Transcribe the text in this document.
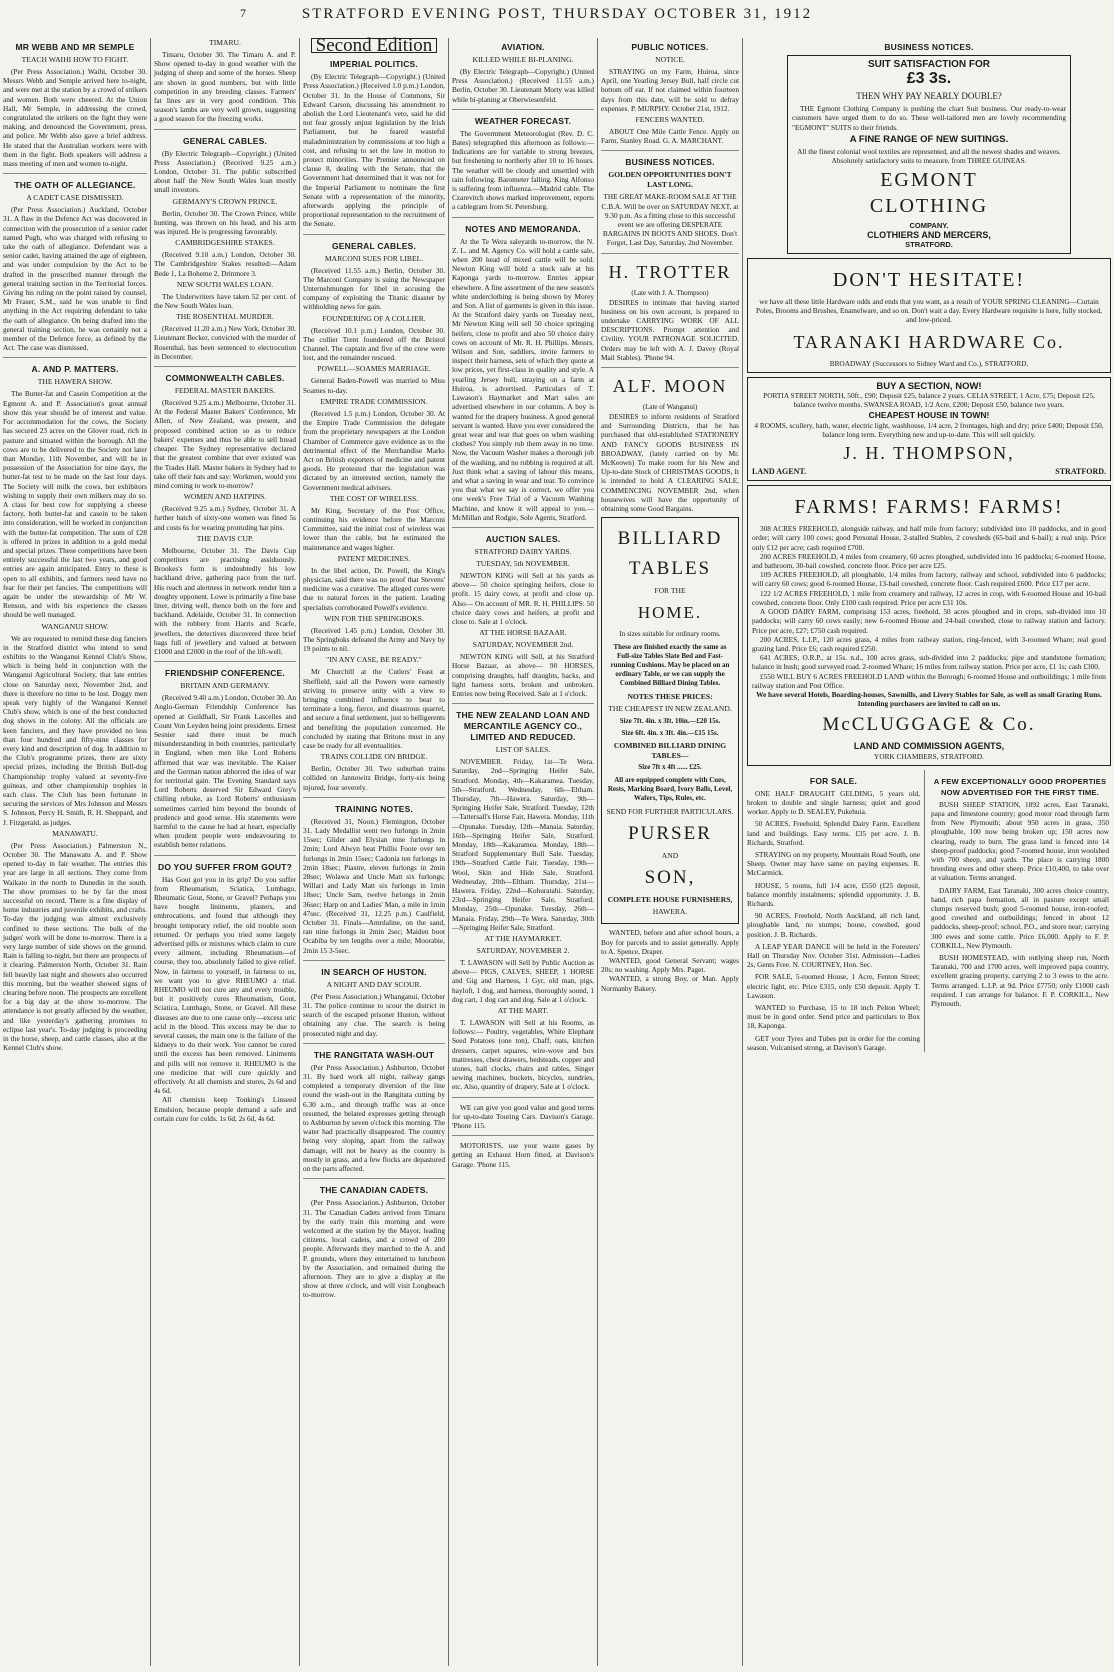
7	STRATFORD EVENING POST, THURSDAY OCTOBER 31, 1912
MR WEBB AND MR SEMPLE
TEACH WAIHI HOW TO FIGHT.
(Per Press Association.) Waihi, October 30. Messrs Webb and Semple arrived here to-night, and were met at the station by a crowd of strikers and women. Both were cheered. At the Union Hall, Mr Semple, in addressing the crowd, congratulated the strikers on the fight they were making, and denounced the Government, press, and police. Mr Webb also gave a brief address. He stated that the Australian workers were with them in the fight. Both speakers will address a mass meeting of men and women to-night.
THE OATH OF ALLEGIANCE.
A CADET CASE DISMISSED.
(Per Press Association.) Auckland, October 31. A flaw in the Defence Act was discovered in connection with the prosecution of a senior cadet named Pugh, who was charged with refusing to take the oath of allegiance. Defendant was a senior cadet, having attained the age of eighteen, and was under compulsion by the Act to be drafted in the prescribed manner through the general training section in the Territorial forces. Giving his ruling on the point raised by counsel, Mr Fraser, S.M., said he was unable to find anything in the Act requiring defendant to take the oath of allegiance. On being drafted into the general training section, he was certainly not a member of the Defence force, as defined by the Act. The case was dismissed.
A. AND P. MATTERS.
THE HAWERA SHOW.
The Butter-fat and Casein Competition at the Egmont A. and P. Association's great annual show this year should be of interest and value. For accommodation for the cows, the Society has secured 23 acres on the Glover road, rich in pasture and situated within the borough. All the cows are to be delivered to the Society not later than Monday, 11th November, and will be in possession of the Association for nine days, the butter-fat test to be made on the last four days. The Society will milk the cows, but exhibitors wishing to supply their own milkers may do so. A class for best cow for supplying a cheese factory, both butter-fat and casein to be taken into consideration, will be worked in conjunction with the butter-fat competition. The sum of £28 is offered in prizes in addition to a gold medal and special prizes. These competitions have been entirely successful the last two years, and good entries are again anticipated. Entry to these is open to all exhibits, and farmers need have no fear for their pet fancies. The competitions will again be under the stewardship of Mr W. Renson, and with his experience the classes should be well managed.
WANGANUI SHOW.
We are requested to remind these dog fanciers in the Stratford district who intend to send exhibits to the Wanganui Kennel Club's Show, which is being held in conjunction with the Wanganui Agricultural Society, that late entries close on Saturday next, November 2nd, and there is therefore no time to be lost. Doggy men speak very highly of the Wanganui Kennel Club's show, which is one of the best conducted dog shows in the colony. All the officials are keen fanciers, and they have provided no less than four hundred and fifty-nine classes for every kind and description of dog. In addition to the Club's programme prizes, there are sixty special prizes, including the British Bull-dog Championship trophy valued at seventy-five guineas, and other championship trophies in each class. The Club has been fortunate in securing the services of Mrs Johnson and Messrs S. Johnson, Percy H. Smith, R. H. Sheppard, and J. Fitzgerald, as judges.
MANAWATU.
(Per Press Association.) Palmerston N., October 30. The Manawatu A. and P. Show opened to-day in fair weather. The entries this year are large in all sections. They come from Waikato in the north to Dunedin in the south. The show promises to be by far the most successful on record. There is a fine display of home industries and juvenile exhibits, and crafts. To-day the judging was almost exclusively confined to these sections. The bulk of the judges' work will be done to-morrow. There is a very large number of side shows on the ground. Rain is falling to-night, but there are prospects of it clearing. Palmerston North, October 31. Rain fell heavily last night and showers also occurred this morning, but the weather showed signs of clearing before noon. The prospects are excellent for a big day at the show to-morrow. The attendance is not greatly affected by the weather, and like yesterday's gathering promises to eclipse last year's. To-day judging is proceeding in the horse, sheep, and cattle classes, also at the Kennel Club's show.
TIMARU.
Timaru, October 30. The Timaru A. and P. Show opened to-day in good weather with the judging of sheep and some of the horses. Sheep are shown in good numbers, but with little competition in any breeding classes. Farmers' fat lines are in very good condition. This season's lambs are very well grown, suggesting a good season for the freezing works.
GENERAL CABLES.
(By Electric Telegraph—Copyright.) (United Press Association.) (Received 9.25 a.m.) London, October 31. The public subscribed about half the New South Wales loan mostly small investors.
GERMANY'S CROWN PRINCE.
Berlin, October 30. The Crown Prince, while hunting, was thrown on his head, and his arm was injured. He is progressing favourably.
CAMBRIDGESHIRE STAKES.
(Received 9.10 a.m.) London, October 30. The Cambridgeshire Stakes resulted:—Adam Bede 1, La Boheme 2, Drinmore 3.
NEW SOUTH WALES LOAN.
The Underwriters have taken 52 per cent. of the New South Wales loan.
THE ROSENTHAL MURDER.
(Received 11.20 a.m.) New York, October 30. Lieutenant Becker, convicted with the murder of Rosenthal, has been sentenced to electrocution in December.
COMMONWEALTH CABLES.
FEDERAL MASTER BAKERS.
(Received 9.25 a.m.) Melbourne, October 31. At the Federal Master Bakers' Conference, Mr Allen, of New Zealand, was present, and proposed combined action so as to reduce bakers' expenses and thus be able to sell bread cheaper. The Sydney representative declared that the greatest combine that ever existed was the Trades Hall. Master bakers in Sydney had to take off their hats and say: Workmen, would you mind coming to work to-morrow?
WOMEN AND HATPINS.
(Received 9.25 a.m.) Sydney, October 31. A further batch of sixty-one women was fined 5s and costs 6s for wearing protruding hat pins.
THE DAVIS CUP.
Melbourne, October 31. The Davis Cup competitors are practising assiduously. Brookes's form is undoubtedly his low backhand drive, gathering pace from the turf. His reach and alertness in network render him a doughty opponent. Lowe is primarily a fine base liner, driving well, thence both on the fore and backhand. Adelaide, October 31. In connection with the robbery from Harris and Scarfe, jewellers, the detectives discovered three brief bags full of jewellery and valued at between £1000 and £2000 in the roof of the lift-well.
FRIENDSHIP CONFERENCE.
BRITAIN AND GERMANY.
(Received 9.40 a.m.) London, October 30. An Anglo-German Friendship Conference has opened at Guildhall, Sir Frank Lascelles and Count Von Leyden being joint presidents. Ernest Sesnier said there must be much misunderstanding in both countries, particularly in England, when men like Lord Roberts affirmed that war was inevitable. The Kaiser and the German nation abhorred the idea of war for territorial gain. The Evening Standard says Lord Roberts deserved Sir Edward Grey's chilling rebuke, as Lord Roberts' enthusiasm sometimes carried him beyond the bounds of prudence and good sense. His statements were harmful to the cause he had at heart, especially when prudent people were endeavouring to establish better relations.
DO YOU SUFFER FROM GOUT?
Has Gout got you in its grip? Do you suffer from Rheumatism, Sciatica, Lumbago, Rheumatic Gout, Stone, or Gravel? Perhaps you have bought liniments, plasters, and embrocations, and found that although they brought temporary relief, the old trouble soon returned. Or perhaps you tried some largely advertised pills or mixtures which claim to cure every ailment, including Rheumatism—of course, they too, absolutely failed to give relief. Now, in fairness to yourself, in fairness to us, we want you to give RHEUMO a trial. RHEUMO will not cure any and every trouble, but it positively cures Rheumatism, Gout, Sciatica, Lumbago, Stone, or Gravel. All these diseases are due to one cause only—excess uric acid in the blood. This excess may be due to several causes, the main one is the failure of the kidneys to do their work. You cannot be cured until the excess has been removed. Liniments and pills will not remove it. RHEUMO is the one medicine that will cure quickly and effectively. At all chemists and stores, 2s 6d and 4s 6d.
All chemists keep Tonking's Linseed Emulsion, because people demand a safe and certain cure for colds. 1s 6d, 2s 6d, 4s 6d.
Second Edition
IMPERIAL POLITICS.
(By Electric Telegraph—Copyright.) (United Press Association.) (Received 1.0 p.m.) London, October 31. In the House of Commons, Sir Edward Carson, discussing his amendment to abolish the Lord Lieutenant's veto, said he did not fear grossly unjust legislation by the Irish Parliament, but he feared wasteful maladministration by commissions at too high a cost, and refusing to set the law in motion to protect minorities. The Premier announced on clause 8, dealing with the Senate, that the Government had determined that it was not for the Imperial Parliament to nominate the first Senate with a representation of the minority, afterwards applying the principle of proportional representation to the recruitment of the Senate.
GENERAL CABLES.
MARCONI SUES FOR LIBEL.
(Received 11.55 a.m.) Berlin, October 30. The Marconi Company is suing the Newspaper Unternehmungen for libel in accusing the company of exploiting the Titanic disaster by withholding news for gain.
FOUNDERING OF A COLLIER.
(Received 10.1 p.m.) London, October 30. The collier Trent foundered off the Bristol Channel. The captain and five of the crew were lost, and the remainder rescued.
POWELL—SOAMES MARRIAGE.
General Baden-Powell was married to Miss Soames to-day.
EMPIRE TRADE COMMISSION.
(Received 1.5 p.m.) London, October 30. At the Empire Trade Commission the delegate from the proprietary newspapers at the London Chamber of Commerce gave evidence as to the detrimental effect of the Merchandise Marks Act on British exporters of medicine and patent goods. He protested that the legislation was dictated by an interested section, namely the Government medical advisers.
THE COST OF WIRELESS.
Mr King, Secretary of the Post Office, continuing his evidence before the Marconi Committee, said the initial cost of wireless was lower than the cable, but he estimated the maintenance and wages higher.
PATENT MEDICINES.
In the libel action, Dr. Powell, the King's physician, said there was no proof that Stevens' medicine was a curative. The alleged cures were due to natural forces in the patient. Leading specialists corroborated Powell's evidence.
WIN FOR THE SPRINGBOKS.
(Received 1.45 p.m.) London, October 30. The Springboks defeated the Army and Navy by 19 points to nil.
"IN ANY CASE, BE READY."
Mr Churchill at the Cutlers' Feast at Sheffield, said all the Powers were earnestly striving to preserve unity with a view to bringing combined influence to bear to terminate a long, fierce, and disastrous quarrel, and secure a final settlement, just to belligerents and benefiting the population concerned. He concluded by stating that Britons must in any case be ready for all eventualities.
TRAINS COLLIDE ON BRIDGE.
Berlin, October 30. Two suburban trains collided on Jannowitz Bridge, forty-six being injured, four severely.
TRAINING NOTES.
(Received 31, Noon.) Flemington, October 31. Lady Medallist went two furlongs in 2min 15sec; Glider and Elysian nine furlongs in 2min; Lord Alwyn beat Phillis Foote over ten furlongs in 2min 15sec; Cadonia ten furlongs in 2min 18sec; Piastre, eleven furlongs in 2min 28sec; Wolawa and Uncle Matt six furlongs; Willari and Lady Matt six furlongs in 1min 18sec; Uncle Sam, twelve furlongs in 2min 36sec; Harp on and Ladies' Man, a mile in 1min 47sec. (Received 31, 12.25 p.m.) Caulfield, October 31. Finals—Amrdaline, on the sand, ran nine furlongs in 2min 2sec; Maiden boot Ocabiba by ten lengths over a mile; Moorabie, 2min 15 3-5sec.
IN SEARCH OF HUSTON.
A NIGHT AND DAY SCOUR.
(Per Press Association.) Whanganui, October 31. The police continue to scour the district in search of the escaped prisoner Huston, without obtaining any clue. The search is being prosecuted night and day.
THE RANGITATA WASH-OUT
(Per Press Association.) Ashburton, October 31. By hard work all night, railway gangs completed a temporary diversion of the line round the wash-out in the Rangitata cutting by 6.30 a.m., and through traffic was at once resumed, the belated expresses getting through to Ashburton by seven o'clock this morning. The water had practically disappeared. The country being very sloping, apart from the railway damage, will not be heavy as the country is mostly in grass, and a few flocks are depastured on the parts affected.
THE CANADIAN CADETS.
(Per Press Association.) Ashburton, October 31. The Canadian Cadets arrived from Timaru by the early train this morning and were welcomed at the station by the Mayor, leading citizens, local cadets, and a crowd of 200 people. Afterwards they marched to the A. and P. grounds, where they entertained to luncheon by the Association, and remained during the afternoon. They are to give a display at the show at three o'clock, and will visit Longbeach to-morrow.
AVIATION.
KILLED WHILE BI-PLANING.
(By Electric Telegraph—Copyright.) (United Press Association.) (Received 11.55 a.m.) Berlin, October 30. Lieutenant Morty was killed while bi-planing at Oberwiesenfeld.
WEATHER FORECAST.
The Government Meteorologist (Rev. D. C. Bates) telegraphed this afternoon as follows:— Indications are for variable to strong breezes, but freshening to northerly after 10 to 16 hours. The weather will be cloudy and unsettled with rain following. Barometer falling. King Alfonso is suffering from influenza.—Madrid cable. The Czarevitch shows marked improvement, reports a cablegram from St. Petersburg.
NOTES AND MEMORANDA.
At the Te Wera saleyards to-morrow, the N. Z. L. and M. Agency Co. will hold a cattle sale, when 200 head of mixed cattle will be sold. Newton King will hold a stock sale at his Kaponga yards to-morrow. Entries appear elsewhere. A fine assortment of the new season's white underclothing is being shown by Morey and Son. A list of garments is given in this issue. At the Stratford dairy yards on Tuesday next, Mr Newton King will sell 50 choice springing heifers, close to profit and also 50 choice dairy cows on account of Mr. R. H. Phillips. Messrs. Wilson and Son, saddlers, invite farmers to inspect their harness, sets of which they quote at low prices, yet first-class in quality and style. A yearling Jersey bull, straying on a farm at Huiroa, is advertised. Particulars of T. Lawason's Haymarket and Mart sales are advertised elsewhere in our columns. A boy is wanted for the drapery business. A good general servant is wanted. Have you ever considered the great wear and tear that goes on when washing clothes? You simply rub them away in no time. Now, the Vacuum Washer makes a thorough job of the washing, and no rubbing is required at all. Just think what a saving of labour this means, and what a saving in wear and tear. To convince you that what we say is correct, we offer you one week's Free Trial of a Vacuum Washing Machine, and know it will appeal to you.—McMillan and Rodgie, Sole Agents, Stratford.
AUCTION SALES.
STRATFORD DAIRY YARDS.
TUESDAY, 5th NOVEMBER.
NEWTON KING will Sell at his yards as above— 50 choice springing heifers, close to profit. 15 dairy cows, at profit and close up. Also— On account of MR. R. H. PHILLIPS: 50 choice dairy cows and heifers, at profit and close to. Sale at 1 o'clock.
AT THE HORSE BAZAAR.
SATURDAY, NOVEMBER 2nd.
NEWTON KING will Sell, at his Stratford Horse Bazaar, as above— 90 HORSES, comprising draughts, half draughts, hacks, and light harness sorts, broken and unbroken. Entries now being Received. Sale at 1 o'clock.
THE NEW ZEALAND LOAN AND MERCANTILE AGENCY CO., LIMITED AND REDUCED.
LIST OF SALES.
NOVEMBER. Friday, 1st—Te Wera. Saturday, 2nd—Springing Heifer Sale, Stratford. Monday, 4th—Kakaramea. Tuesday, 5th—Stratford. Wednesday, 6th—Eltham. Thursday, 7th—Hawera. Saturday, 9th—Springing Heifer Sale, Stratford. Tuesday, 12th—Tattersall's Horse Fair, Hawera. Monday, 11th—Opunake. Tuesday, 12th—Manaia. Saturday, 16th—Springing Heifer Sale, Stratford. Monday, 18th—Kakaramea. Monday, 18th—Stratford Supplementary Bull Sale. Tuesday, 19th—Stratford Cattle Fair. Tuesday, 19th—Wool, Skin and Hide Sale, Stratford. Wednesday, 20th—Eltham. Thursday, 21st—Hawera. Friday, 22nd—Kohuratahi. Saturday, 23rd—Springing Heifer Sale, Stratford. Monday, 25th—Opunake. Tuesday, 26th—Manaia. Friday, 29th—Te Wera. Saturday, 30th—Springing Heifer Sale, Stratford.
AT THE HAYMARKET.
SATURDAY, NOVEMBER 2.
T. LAWASON will Sell by Public Auction as above— PIGS, CALVES, SHEEP, 1 HORSE and Gig and Harness, 1 Gyr, old man, pigs, hayloft, 1 dog, and harness, thoroughly sound, 1 dog cart, 1 dog cart and dog. Sale at 1 o'clock.
AT THE MART.
T. LAWASON will Sell at his Rooms, as follows:— Poultry, vegetables, White Elephant Seed Potatoes (one ton), Chaff, oats, kitchen dressers, carpet squares, wire-wove and box mattresses, chest drawers, bedsteads, copper and stones, hall clocks, chairs and tables, Singer sewing machines, buckets, bicycles, sundries, etc. Also, quantity of drapery. Sale at 1 o'clock.
WE can give you good value and good terms for up-to-date Touring Cars. Davison's Garage. 'Phone 115.
MOTORISTS, use your waste gases by getting an Exhaust Horn fitted, at Davison's Garage. 'Phone 115.
PUBLIC NOTICES.
NOTICE.
STRAYING on my Farm, Huiroa, since April, one Yearling Jersey Bull, half circle cut bottom off ear. If not claimed within fourteen days from this date, will be sold to defray expenses. P. MURPHY. October 21st, 1912.
FENCERS WANTED.
ABOUT One Mile Cattle Fence. Apply on Farm, Stanley Road. G. A. MARCHANT.
BUSINESS NOTICES.
GOLDEN OPPORTUNITIES DON'T LAST LONG.
THE GREAT MAKE-ROOM SALE AT THE C.B.A. Will be over on SATURDAY NEXT, at 9.30 p.m. As a fitting close to this successful event we are offering DESPERATE BARGAINS IN BOOTS AND SHOES. Don't Forget, Last Day, Saturday, 2nd November.
H. TROTTER
(Late with J. A. Thompson)
DESIRES to intimate that having started business on his own account, is prepared to undertake CARRYING WORK OF ALL DESCRIPTIONS. Prompt attention and Civility. YOUR PATRONAGE SOLICITED. Orders may be left with A. J. Davey (Royal Mail Stables). 'Phone 94.
ALF. MOON
(Late of Wanganui)
DESIRES to inform residents of Stratford and Surrounding Districts, that he has purchased that old-established STATIONERY AND FANCY GOODS BUSINESS IN BROADWAY, (lately carried on by Mr. McKeown) To make room for his New and Up-to-date Stock of CHRISTMAS GOODS, It is intended to hold A CLEARING SALE, COMMENCING NOVEMBER 2nd, when housewives will have the opportunity of obtaining some Good Bargains.
BILLIARD
TABLES
FOR THE
HOME.
In sizes suitable for ordinary rooms.
These are finished exactly the same as Full-size Tables Slate Bed and Fast-running Cushions. May be placed on an ordinary Table, or we can supply the Combined Billiard Dining Tables.
NOTES THESE PRICES:
THE CHEAPEST IN NEW ZEALAND.
Size 7ft. 4in. x 3ft. 10in.—£20 15s.
Size 6ft. 4in. x 3ft. 4in.—£15 15s.
COMBINED BILLIARD DINING TABLES—
Size 7ft x 4ft ...... £25.
All are equipped complete with Cues, Rests, Marking Board, Ivory Balls, Level, Wafers, Tips, Rules, etc.
SEND FOR FURTHER PARTICULARS.
PURSER
AND
SON,
COMPLETE HOUSE FURNISHERS,
HAWERA.
WANTED, before and after school hours, a Boy for parcels and to assist generally. Apply to A. Spence, Draper.
WANTED, good General Servant; wages 20s; no washing. Apply Mrs. Paget.
WANTED, a strong Boy, or Man. Apply Normanby Bakery.
BUSINESS NOTICES.
SUIT SATISFACTION FOR
£3 3s.
THEN WHY PAY NEARLY DOUBLE?
THE Egmont Clothing Company is pushing the chart Suit business. Our ready-to-wear customers have urged them to do so. These well-tailored men are lovely recommending "EGMONT" SUITS to their friends.
A FINE RANGE OF NEW SUITINGS.
All the finest colonial wool textiles are represented, and all the newest shades and weaves. Absolutely satisfactory suits to measure, from THREE GUINEAS.
EGMONT
CLOTHING
COMPANY.
CLOTHIERS AND MERCERS,
STRATFORD.
DON'T HESITATE!
we have all these little Hardware odds and ends that you want, as a result of YOUR SPRING CLEANING—Curtain Poles, Brooms and Brushes, Enamelware, and so on. Don't wait a day. Every Hardware requisite is here, fully stocked, and low-priced.
TARANAKI HARDWARE Co.
BROADWAY (Successors to Sidney Ward and Co.), STRATFORD.
BUY A SECTION, NOW!
PORTIA STREET NORTH, 50ft., £90; Deposit £25, balance 2 years. CELIA STREET, 1 Acre, £75; Deposit £25, balance twelve months. SWANSEA ROAD, 1/2 Acre, £200; Deposit £50, balance two years.
CHEAPEST HOUSE IN TOWN!
4 ROOMS, scullery, bath, water, electric light, washhouse, 1/4 acre, 2 frontages, high and dry; price £400; Deposit £50, balance long term. Everything new and up-to-date. This will sell quickly.
J. H. THOMPSON,
LAND AGENT.	STRATFORD.
FARMS! FARMS! FARMS!
308 ACRES FREEHOLD, alongside railway, and half mile from factory; subdivided into 10 paddocks, and in good order; will carry 100 cows; good Personal House, 2-stalled Stables, 2 cowsheds (65-bail and 6-bail); a real snip. Price only £12 per acre; cash required £700.
200 ACRES FREEHOLD, 4 miles from creamery, 60 acres ploughed, subdivided into 16 paddocks; 6-roomed House, and bathroom, 30-bail cowshed, concrete floor. Price per acre £25.
109 ACRES FREEHOLD, all ploughable, 1/4 miles from factory, railway and school, subdivided into 6 paddocks; will carry 60 cows; good 6-roomed House, 13-bail cowshed, concrete floor. Cash required £600. Price £17 per acre.
122 1/2 ACRES FREEHOLD, 1 mile from creamery and railway, 12 acres in crop, with 6-roomed House and 10-bail cowshed, concrete floor. Only £100 cash required. Price per acre £31 10s.
A GOOD DAIRY FARM, comprising 153 acres, freehold, 50 acres ploughed and in crops, sub-divided into 10 paddocks; will carry 60 cows easily; new 6-roomed House and 24-bail cowshed, close to railway station and factory. Price per acre, £27; £750 cash required.
200 ACRES, L.I.P., 120 acres grass, 4 miles from railway station, ring-fenced, with 3-roomed Whare; real good grazing land. Price £6; cash required £250.
641 ACRES, O.R.P., at 15s. n.d., 100 acres grass, sub-divided into 2 paddocks; pipe and standstone formation; balance in bush; good surveyed road. 2-roomed Whare; 16 miles from railway station. Price per acre, £1 1s; cash £300.
£550 WILL BUY 6 ACRES FREEHOLD LAND within the Borough; 6-roomed House and outbuildings; 1 mile from railway station and Post Office.
We have several Hotels, Boarding-houses, Sawmills, and Livery Stables for Sale, as well as small Grazing Runs. Intending purchasers are invited to call on us.
McCLUGGAGE & Co.
LAND AND COMMISSION AGENTS,
YORK CHAMBERS, STRATFORD.
FOR SALE.
ONE HALF DRAUGHT GELDING, 5 years old, broken to double and single harness; quiet and good worker. Apply to D. SEALEY, Pukehuia.
50 ACRES, Freehold, Splendid Dairy Farm. Excellent land and buildings. Easy terms. £35 per acre. J. B. Richards, Stratford.
STRAYING on my property, Mountain Road South, one Sheep. Owner may have same on paying expenses. R. McCarmick.
HOUSE, 5 rooms, full 1/4 acre, £550 (£25 deposit, balance monthly instalments; splendid opportunity. J. B. Richards.
90 ACRES, Freehold, North Auckland, all rich land, ploughable land, no stumps; house, cowshed, good position. J. B. Richards.
A LEAP YEAR DANCE will be held in the Foresters' Hall on Thursday Nov. October 31st. Admission—Ladies 2s, Gents Free. N. COURTNEY, Hon. Sec.
FOR SALE, 5-roomed House, 1 Acre, Fenton Street; electric light, etc. Price £315, only £50 deposit. Apply T. Lawason.
WANTED to Purchase, 15 to 18 inch Pelton Wheel; must be in good order. Send price and particulars to Box 18, Kaponga.
GET your Tyres and Tubes put in order for the coming season. Vulcanised strong, at Davison's Garage.
A FEW EXCEPTIONALLY GOOD PROPERTIES NOW ADVERTISED FOR THE FIRST TIME.
BUSH SHEEP STATION, 1892 acres, East Taranaki, papa and limestone country; good motor road through farm from New Plymouth; about 950 acres in grass, 350 ploughable, 100 now being broken up; 150 acres now clearing, ready to burn. The grass land is fenced into 14 sheep-proof paddocks; good 7-roomed house, iron woolshed with 700 sheep, and yards. The place is carrying 1800 breeding ewes and other sheep. Price £10,400, to take over at valuation. Terms arranged.
DAIRY FARM, East Taranaki, 300 acres choice country, hand, rich papa formation, all in pasture except small clumps reserved bush; good 5-roomed house, iron-roofed; good cowshed and outbuildings; fenced in about 12 paddocks, sheep-proof; school, P.O., and store near; carrying 300 ewes and some cattle. Price £6,000. Apply to F. P. CORKILL, New Plymouth.
BUSH HOMESTEAD, with outlying sheep run, North Taranaki, 700 and 1700 acres, well improved papa country, excellent grazing property, carrying 2 to 3 ewes to the acre. Terms arranged. L.I.P. at 9d. Price £7750; only £1000 cash required. I can arrange for balance. F. P. CORKILL, New Plymouth.
